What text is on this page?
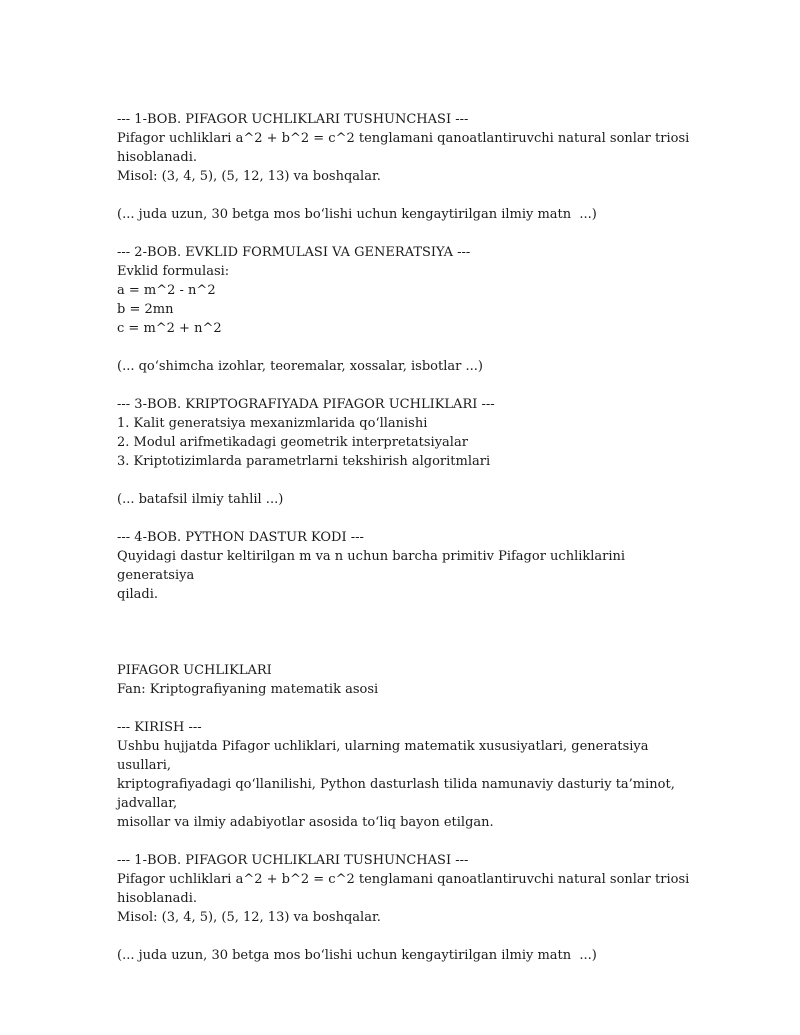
--- 1-BOB. PIFAGOR UCHLIKLARI TUSHUNCHASI ---
Pifagor uchliklari a^2 + b^2 = c^2 tenglamani qanoatlantiruvchi natural sonlar triosi
hisoblanadi.
Misol: (3, 4, 5), (5, 12, 13) va boshqalar.
(... juda uzun, 30 betga mos bo‘lishi uchun kengaytirilgan ilmiy matn  ...)
--- 2-BOB. EVKLID FORMULASI VA GENERATSIYA ---
Evklid formulasi:
a = m^2 - n^2
b = 2mn
c = m^2 + n^2
(... qo‘shimcha izohlar, teoremalar, xossalar, isbotlar ...)
--- 3-BOB. KRIPTOGRAFIYADA PIFAGOR UCHLIKLARI ---
1. Kalit generatsiya mexanizmlarida qo‘llanishi
2. Modul arifmetikadagi geometrik interpretatsiyalar
3. Kriptotizimlarda parametrlarni tekshirish algoritmlari
(... batafsil ilmiy tahlil ...)
--- 4-BOB. PYTHON DASTUR KODI ---
Quyidagi dastur keltirilgan m va n uchun barcha primitiv Pifagor uchliklarini generatsiya
qiladi.
PIFAGOR UCHLIKLARI
Fan: Kriptografiyaning matematik asosi
--- KIRISH ---
Ushbu hujjatda Pifagor uchliklari, ularning matematik xususiyatlari, generatsiya usullari,
kriptografiyadagi qo‘llanilishi, Python dasturlash tilida namunaviy dasturiy ta’minot, jadvallar,
misollar va ilmiy adabiyotlar asosida to‘liq bayon etilgan.
--- 1-BOB. PIFAGOR UCHLIKLARI TUSHUNCHASI ---
Pifagor uchliklari a^2 + b^2 = c^2 tenglamani qanoatlantiruvchi natural sonlar triosi
hisoblanadi.
Misol: (3, 4, 5), (5, 12, 13) va boshqalar.
(... juda uzun, 30 betga mos bo‘lishi uchun kengaytirilgan ilmiy matn  ...)
